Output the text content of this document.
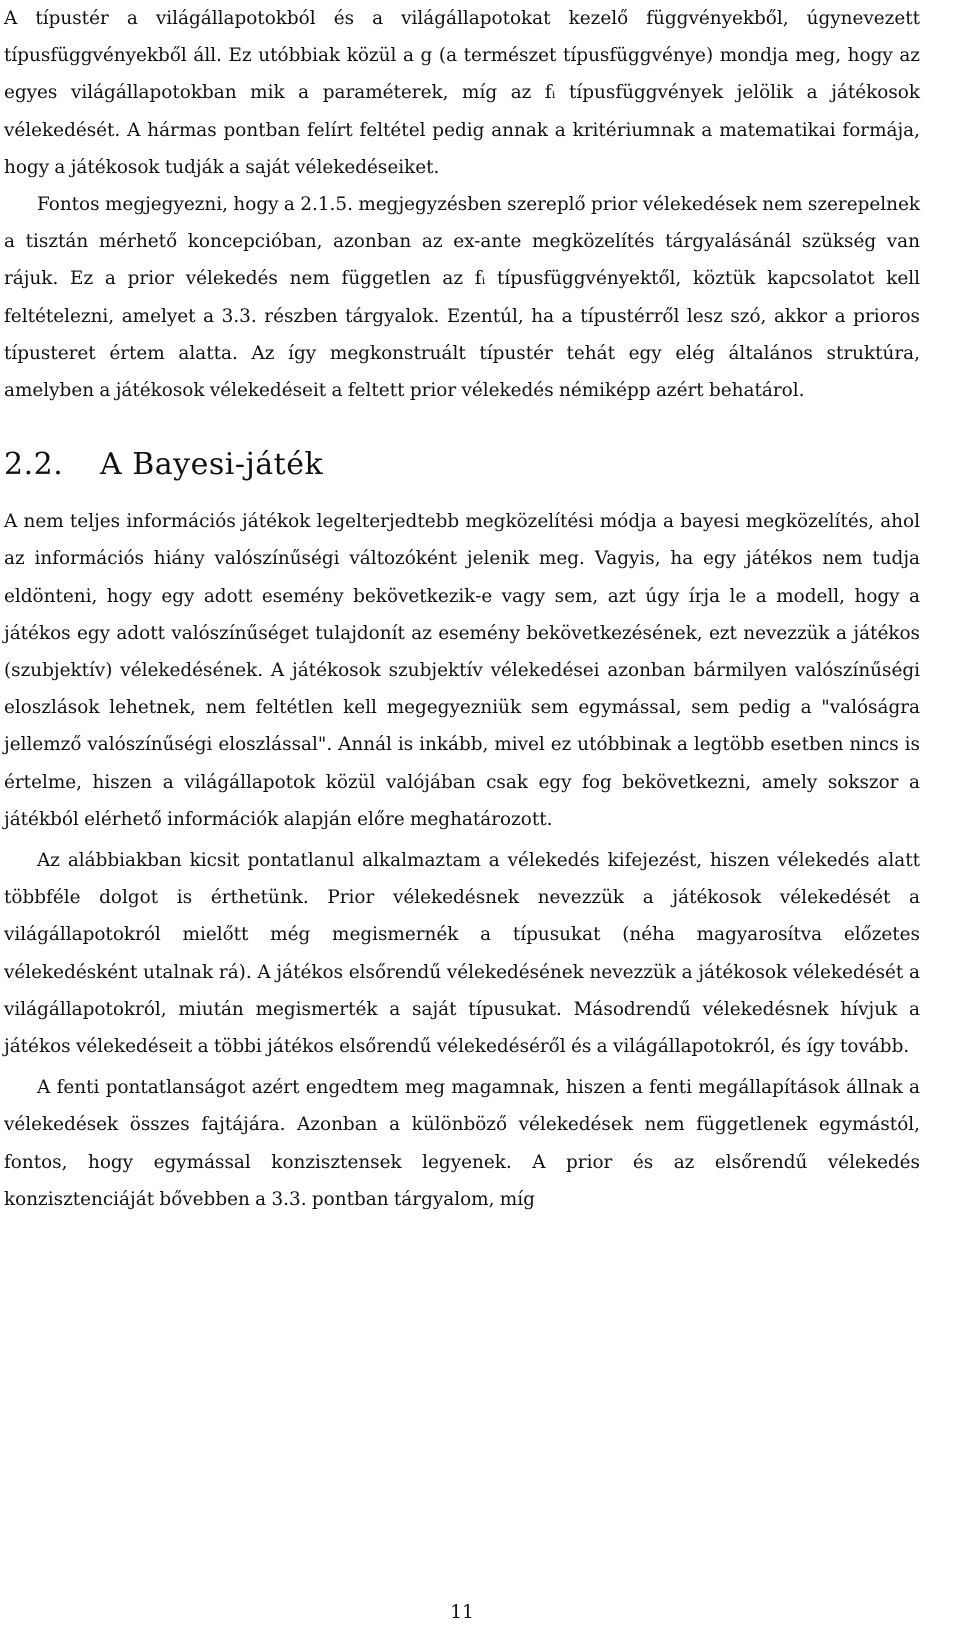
A típustér a világállapotokból és a világállapotokat kezelő függvényekből, úgynevezett típusfüggvényekből áll. Ez utóbbiak közül a g (a természet típusfüggvénye) mondja meg, hogy az egyes világállapotokban mik a paraméterek, míg az fᵢ típusfüggvények jelölik a játékosok vélekedését. A hármas pontban felírt feltétel pedig annak a kritériumnak a matematikai formája, hogy a játékosok tudják a saját vélekedéseiket.

Fontos megjegyezni, hogy a 2.1.5. megjegyzésben szereplő prior vélekedések nem szerepelnek a tisztán mérhető koncepcióban, azonban az ex-ante megközelítés tárgyalásánál szükség van rájuk. Ez a prior vélekedés nem független az fᵢ típusfüggvényektől, köztük kapcsolatot kell feltételezni, amelyet a 3.3. részben tárgyalok. Ezentúl, ha a típustérről lesz szó, akkor a prioros típusteret értem alatta. Az így megkonstruált típustér tehát egy elég általános struktúra, amelyben a játékosok vélekedéseit a feltett prior vélekedés némiképp azért behatárol.

2.2. A Bayesi-játék

A nem teljes információs játékok legelterjedtebb megközelítési módja a bayesi megközelítés, ahol az információs hiány valószínűségi változóként jelenik meg. Vagyis, ha egy játékos nem tudja eldönteni, hogy egy adott esemény bekövetkezik-e vagy sem, azt úgy írja le a modell, hogy a játékos egy adott valószínűséget tulajdonít az esemény bekövetkezésének, ezt nevezzük a játékos (szubjektív) vélekedésének. A játékosok szubjektív vélekedései azonban bármilyen valószínűségi eloszlások lehetnek, nem feltétlen kell megegyezniük sem egymással, sem pedig a "valóságra jellemző valószínűségi eloszlással". Annál is inkább, mivel ez utóbbinak a legtöbb esetben nincs is értelme, hiszen a világállapotok közül valójában csak egy fog bekövetkezni, amely sokszor a játékból elérhető információk alapján előre meghatározott.

Az alábbiakban kicsit pontatlanul alkalmaztam a vélekedés kifejezést, hiszen vélekedés alatt többféle dolgot is érthetünk. Prior vélekedésnek nevezzük a játékosok vélekedését a világállapotokról mielőtt még megismernék a típusukat (néha magyarosítva előzetes vélekedésként utalnak rá). A játékos elsőrendű vélekedésének nevezzük a játékosok vélekedését a világállapotokról, miután megismerték a saját típusukat. Másodrendű vélekedésnek hívjuk a játékos vélekedéseit a többi játékos elsőrendű vélekedéséről és a világállapotokról, és így tovább.

A fenti pontatlanságot azért engedtem meg magamnak, hiszen a fenti megállapítások állnak a vélekedések összes fajtájára. Azonban a különböző vélekedések nem függetlenek egymástól, fontos, hogy egymással konzisztensek legyenek. A prior és az elsőrendű vélekedés konzisztenciáját bővebben a 3.3. pontban tárgyalom, míg

11
